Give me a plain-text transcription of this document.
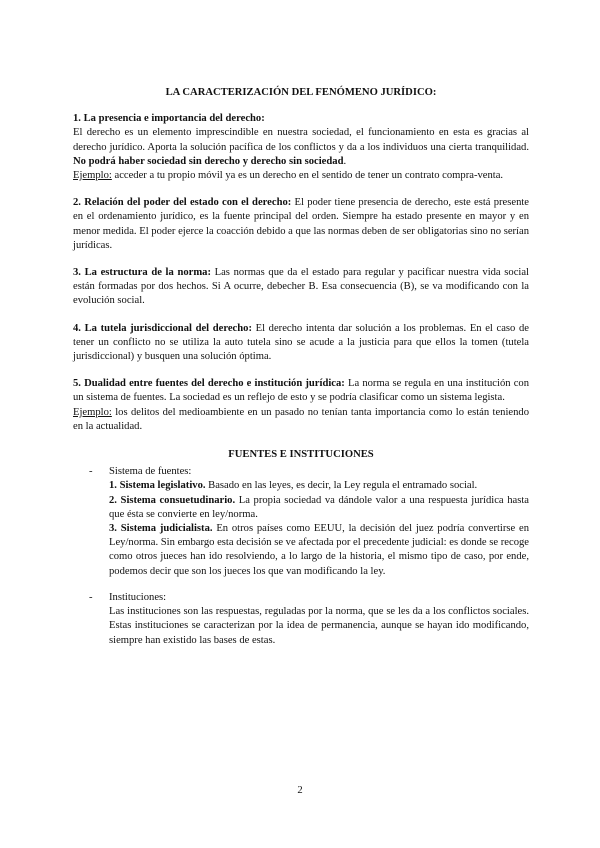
LA CARACTERIZACIÓN DEL FENÓMENO JURÍDICO:

1. La presencia e importancia del derecho:

El derecho es un elemento imprescindible en nuestra sociedad, el funcionamiento en esta es gracias al derecho jurídico. Aporta la solución pacífica de los conflictos y da a los individuos una cierta tranquilidad. No podrá haber sociedad sin derecho y derecho sin sociedad.

Ejemplo: acceder a tu propio móvil ya es un derecho en el sentido de tener un contrato compra-venta.

2. Relación del poder del estado con el derecho: El poder tiene presencia de derecho, este está presente en el ordenamiento jurídico, es la fuente principal del orden. Siempre ha estado presente en mayor y en menor medida. El poder ejerce la coacción debido a que las normas deben de ser obligatorias sino no serían jurídicas.

3. La estructura de la norma: Las normas que da el estado para regular y pacificar nuestra vida social están formadas por dos hechos. Si A ocurre, debecher B. Esa consecuencia (B), se va modificando con la evolución social.

4. La tutela jurisdiccional del derecho: El derecho intenta dar solución a los problemas. En el caso de tener un conflicto no se utiliza la auto tutela sino se acude a la justicia para que ellos la tomen (tutela jurisdiccional) y busquen una solución óptima.

5. Dualidad entre fuentes del derecho e institución jurídica: La norma se regula en una institución con un sistema de fuentes. La sociedad es un reflejo de esto y se podría clasificar como un sistema legista.

Ejemplo: los delitos del medioambiente en un pasado no tenían tanta importancia como lo están teniendo en la actualidad.

FUENTES E INSTITUCIONES
- Sistema de fuentes:

1. Sistema legislativo. Basado en las leyes, es decir, la Ley regula el entramado social.

2. Sistema consuetudinario. La propia sociedad va dándole valor a una respuesta jurídica hasta que ésta se convierte en ley/norma.

3. Sistema judicialista. En otros países como EEUU, la decisión del juez podría convertirse en Ley/norma. Sin embargo esta decisión se ve afectada por el precedente judicial: es donde se recoge como otros jueces han ido resolviendo, a lo largo de la historia, el mismo tipo de caso, por ende, podemos decir que son los jueces los que van modificando la ley.

- Instituciones:

Las instituciones son las respuestas, reguladas por la norma, que se les da a los conflictos sociales. Estas instituciones se caracterizan por la idea de permanencia, aunque se hayan ido modificando, siempre han existido las bases de estas.

2
